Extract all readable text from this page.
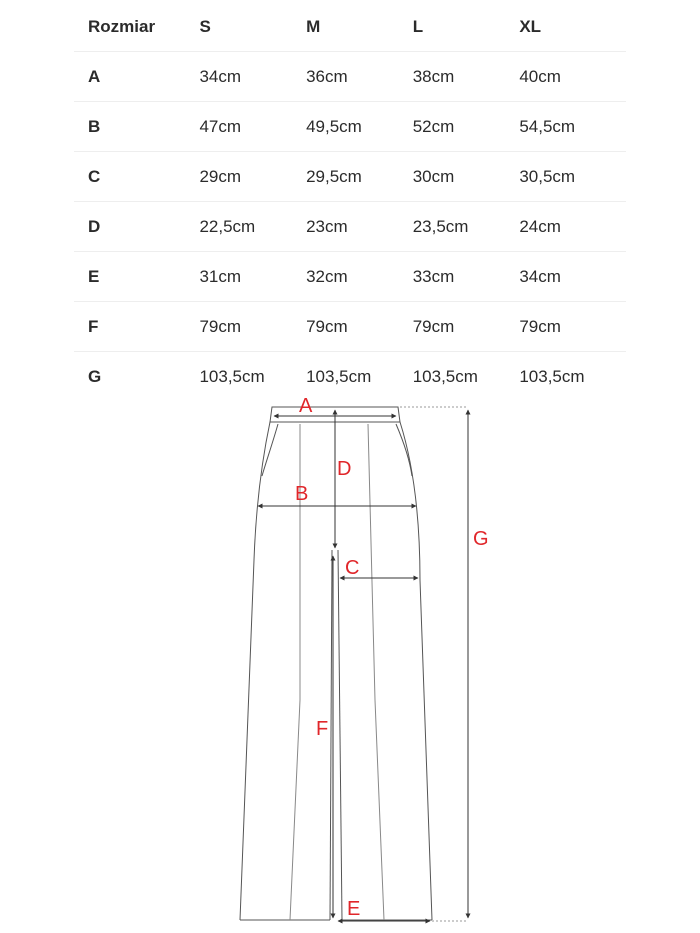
Rozmiar	S	M	L	XL
A	34cm	36cm	38cm	40cm
B	47cm	49,5cm	52cm	54,5cm
C	29cm	29,5cm	30cm	30,5cm
D	22,5cm	23cm	23,5cm	24cm
E	31cm	32cm	33cm	34cm
F	79cm	79cm	79cm	79cm
G	103,5cm	103,5cm	103,5cm	103,5cm
A
D
B
C
F
E
G
